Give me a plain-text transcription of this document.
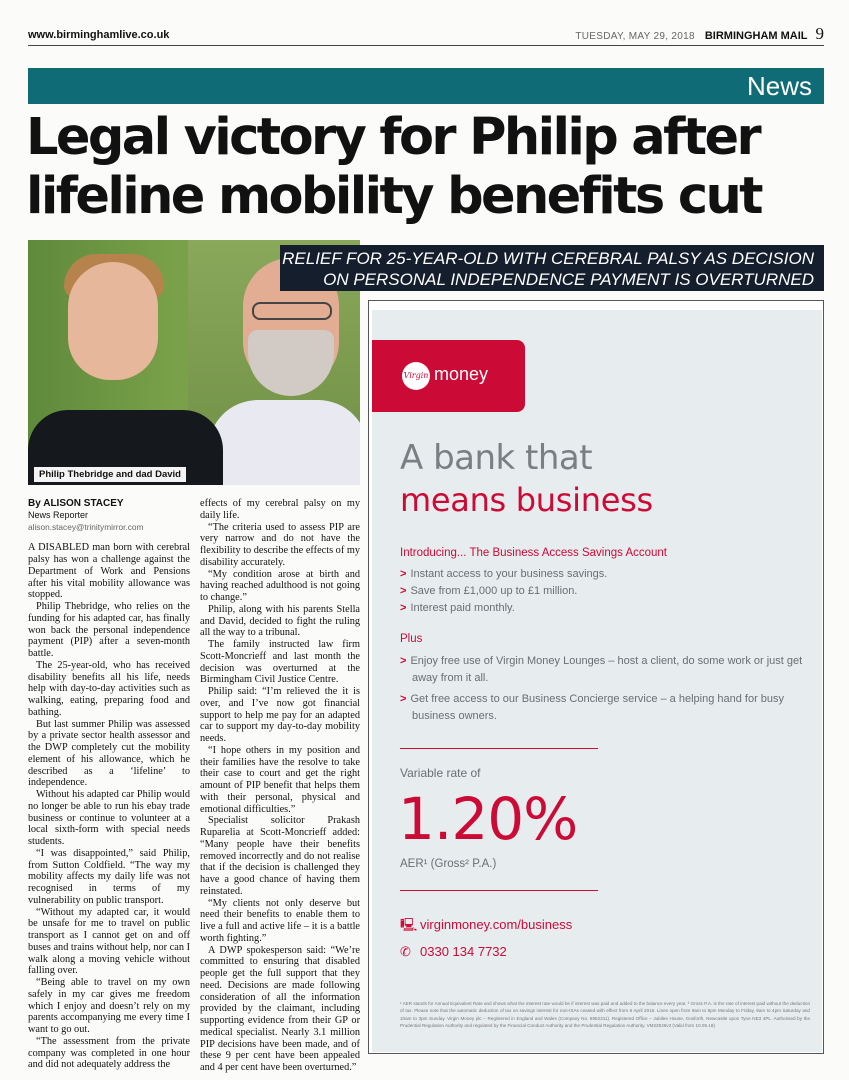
www.birminghamlive.co.uk	TUESDAY, MAY 29, 2018 BIRMINGHAM MAIL 9
News
Legal victory for Philip after
lifeline mobility benefits cut
Philip Thebridge and dad David
RELIEF FOR 25-YEAR-OLD WITH CEREBRAL PALSY AS DECISION
ON PERSONAL INDEPENDENCE PAYMENT IS OVERTURNED
By ALISON STACEY
News Reporter
alison.stacey@trinitymirror.com

A DISABLED man born with cerebral palsy has won a challenge against the Department of Work and Pensions after his vital mobility allowance was stopped.

Philip Thebridge, who relies on the funding for his adapted car, has finally won back the personal independence payment (PIP) after a seven-month battle.

The 25-year-old, who has received disability benefits all his life, needs help with day-to-day activities such as walking, eating, preparing food and bathing.

But last summer Philip was assessed by a private sector health assessor and the DWP completely cut the mobility element of his allowance, which he described as a ‘lifeline’ to independence.

Without his adapted car Philip would no longer be able to run his ebay trade business or continue to volunteer at a local sixth-form with special needs students.

“I was disappointed,” said Philip, from Sutton Coldfield. “The way my mobility affects my daily life was not recognised in terms of my vulnerability on public transport.

“Without my adapted car, it would be unsafe for me to travel on public transport as I cannot get on and off buses and trains without help, nor can I walk along a moving vehicle without falling over.

“Being able to travel on my own safely in my car gives me freedom which I enjoy and doesn’t rely on my parents accompanying me every time I want to go out.

“The assessment from the private company was completed in one hour and did not adequately address the

effects of my cerebral palsy on my daily life.

“The criteria used to assess PIP are very narrow and do not have the flexibility to describe the effects of my disability accurately.

“My condition arose at birth and having reached adulthood is not going to change.”

Philip, along with his parents Stella and David, decided to fight the ruling all the way to a tribunal.

The family instructed law firm Scott-Moncrieff and last month the decision was overturned at the Birmingham Civil Justice Centre.

Philip said: “I’m relieved the it is over, and I’ve now got financial support to help me pay for an adapted car to support my day-to-day mobility needs.

“I hope others in my position and their families have the resolve to take their case to court and get the right amount of PIP benefit that helps them with their personal, physical and emotional difficulties.”

Specialist solicitor Prakash Ruparelia at Scott-Moncrieff added: “Many people have their benefits removed incorrectly and do not realise that if the decision is challenged they have a good chance of having them reinstated.

“My clients not only deserve but need their benefits to enable them to live a full and active life – it is a battle worth fighting.”

A DWP spokesperson said: “We’re committed to ensuring that disabled people get the full support that they need. Decisions are made following consideration of all the information provided by the claimant, including supporting evidence from their GP or medical specialist. Nearly 3.1 million PIP decisions have been made, and of these 9 per cent have been appealed and 4 per cent have been overturned.”

Virgin money
A bank that
means business
Introducing... The Business Access Savings Account
> Instant access to your business savings.
> Save from £1,000 up to £1 million.
> Interest paid monthly.
Plus
> Enjoy free use of Virgin Money Lounges – host a client, do some work or just get away from it all.
> Get free access to our Business Concierge service – a helping hand for busy business owners.
Variable rate of
1.20%
AER¹ (Gross² P.A.)
🖳 virginmoney.com/business
✆ 0330 134 7732
¹ AER stands for Annual Equivalent Rate and shows what the interest rate would be if interest was paid and added to the balance every year. ² Gross P.A. is the rate of interest paid without the deduction of tax. Please note that the automatic deduction of tax on savings interest for non-ISAs ceased with effect from 6 April 2016. Lines open from 9am to 8pm Monday to Friday, 9am to 4pm Saturday and 10am to 3pm Sunday. Virgin Money plc – Registered in England and Wales (Company No. 6952311). Registered Office – Jubilee House, Gosforth, Newcastle upon Tyne NE3 4PL. Authorised by the Prudential Regulation Authority and regulated by the Financial Conduct Authority and the Prudential Regulation Authority. VM23536v3 (Valid from 10.05.18)
